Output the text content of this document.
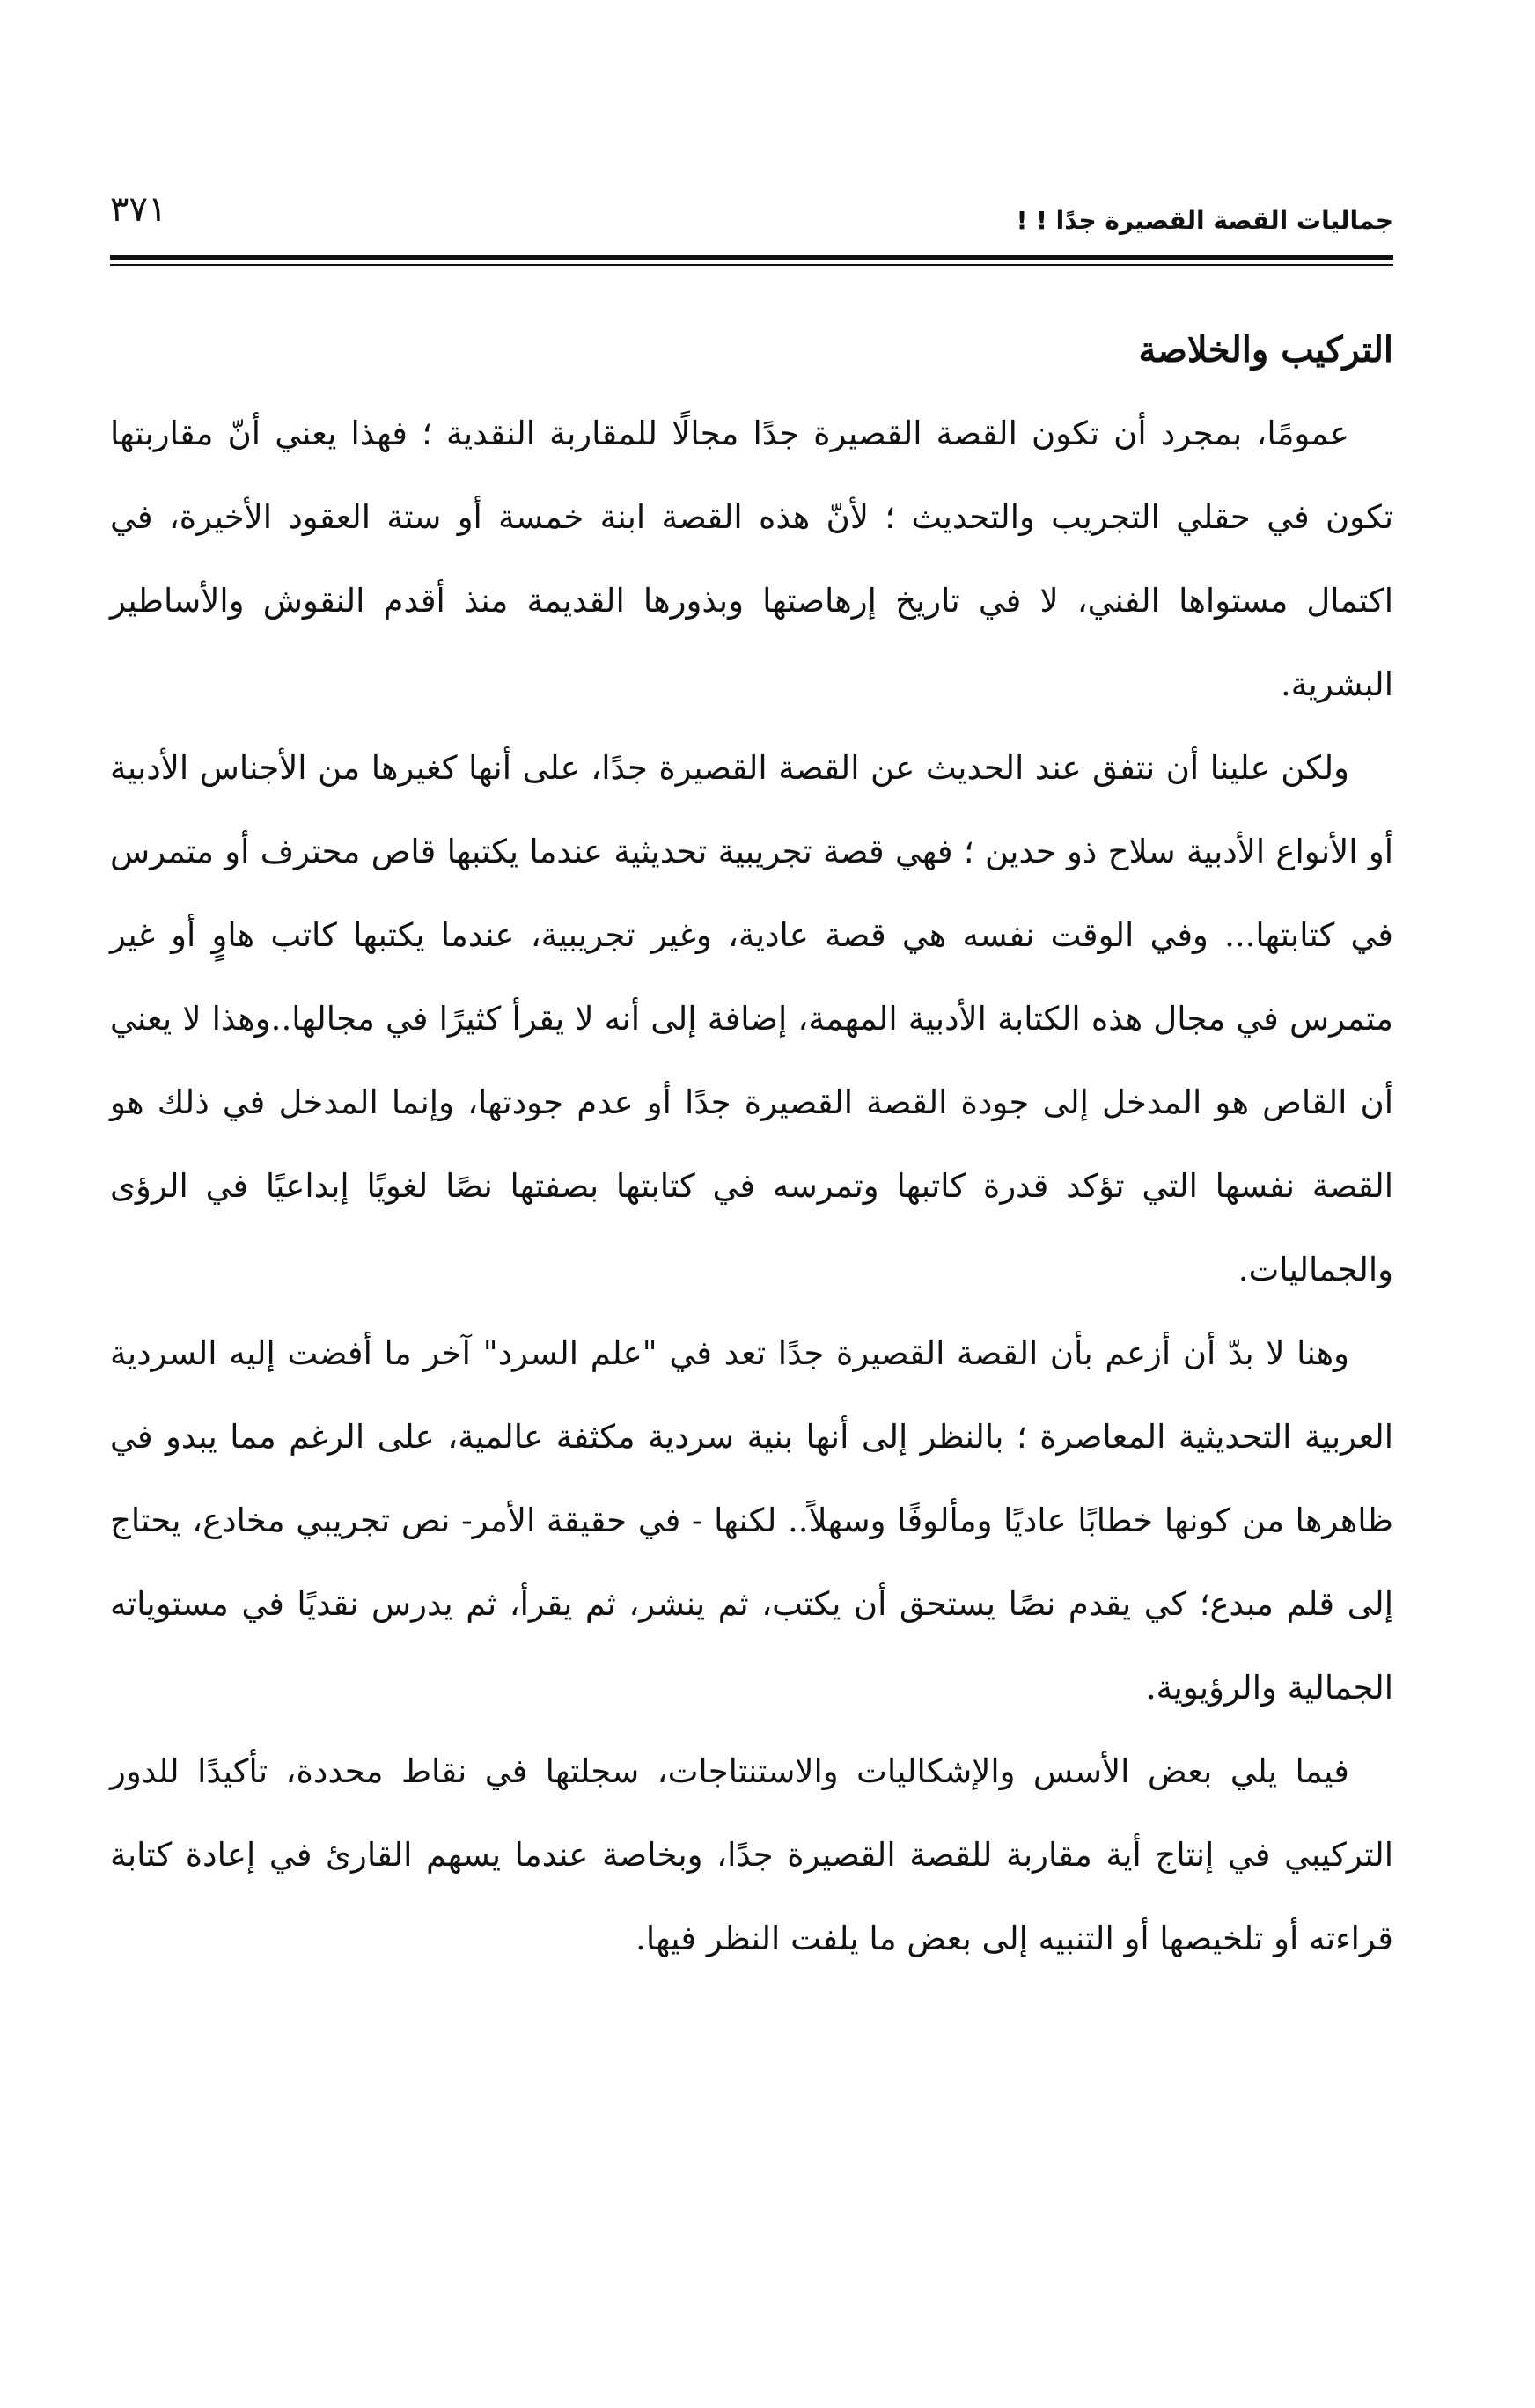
جماليات القصة القصيرة جدًا ! !
٣٧١
التركيب والخلاصة

عمومًا، بمجرد أن تكون القصة القصيرة جدًا مجالًا للمقاربة النقدية ؛ فهذا يعني أنّ مقاربتها تكون في حقلي التجريب والتحديث ؛ لأنّ هذه القصة ابنة خمسة أو ستة العقود الأخيرة، في اكتمال مستواها الفني، لا في تاريخ إرهاصتها وبذورها القديمة منذ أقدم النقوش والأساطير البشرية.

ولكن علينا أن نتفق عند الحديث عن القصة القصيرة جدًا، على أنها كغيرها من الأجناس الأدبية أو الأنواع الأدبية سلاح ذو حدين ؛ فهي قصة تجريبية تحديثية عندما يكتبها قاص محترف أو متمرس في كتابتها... وفي الوقت نفسه هي قصة عادية، وغير تجريبية، عندما يكتبها كاتب هاوٍ أو غير متمرس في مجال هذه الكتابة الأدبية المهمة، إضافة إلى أنه لا يقرأ كثيرًا في مجالها..وهذا لا يعني أن القاص هو المدخل إلى جودة القصة القصيرة جدًا أو عدم جودتها، وإنما المدخل في ذلك هو القصة نفسها التي تؤكد قدرة كاتبها وتمرسه في كتابتها بصفتها نصًا لغويًا إبداعيًا في الرؤى والجماليات.

وهنا لا بدّ أن أزعم بأن القصة القصيرة جدًا تعد في "علم السرد" آخر ما أفضت إليه السردية العربية التحديثية المعاصرة ؛ بالنظر إلى أنها بنية سردية مكثفة عالمية، على الرغم مما يبدو في ظاهرها من كونها خطابًا عاديًا ومألوفًا وسهلاً.. لكنها - في حقيقة الأمر- نص تجريبي مخادع، يحتاج إلى قلم مبدع؛ كي يقدم نصًا يستحق أن يكتب، ثم ينشر، ثم يقرأ، ثم يدرس نقديًا في مستوياته الجمالية والرؤيوية.

فيما يلي بعض الأسس والإشكاليات والاستنتاجات، سجلتها في نقاط محددة، تأكيدًا للدور التركيبي في إنتاج أية مقاربة للقصة القصيرة جدًا، وبخاصة عندما يسهم القارئ في إعادة كتابة قراءته أو تلخيصها أو التنبيه إلى بعض ما يلفت النظر فيها.
